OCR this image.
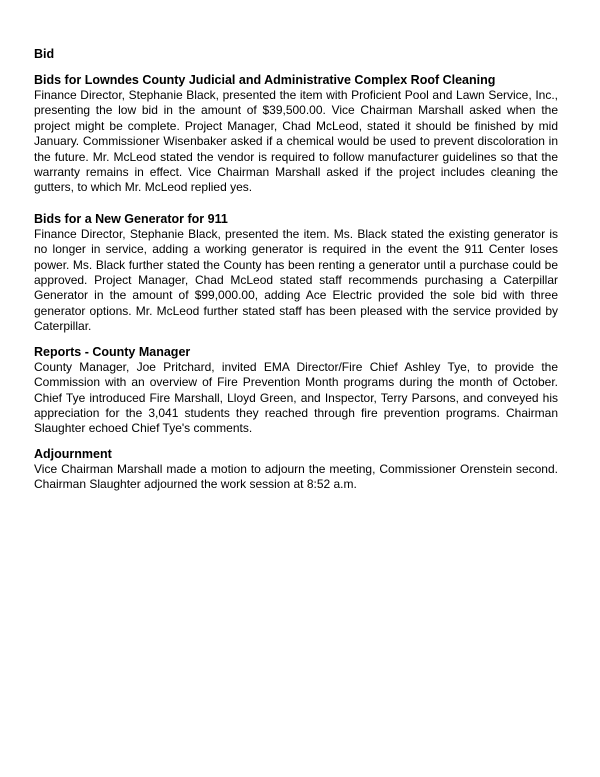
Bid

Bids for Lowndes County Judicial and Administrative Complex Roof Cleaning

Finance Director, Stephanie Black, presented the item with Proficient Pool and Lawn Service, Inc., presenting the low bid in the amount of $39,500.00. Vice Chairman Marshall asked when the project might be complete. Project Manager, Chad McLeod, stated it should be finished by mid January. Commissioner Wisenbaker asked if a chemical would be used to prevent discoloration in the future. Mr. McLeod stated the vendor is required to follow manufacturer guidelines so that the warranty remains in effect. Vice Chairman Marshall asked if the project includes cleaning the gutters, to which Mr. McLeod replied yes.

Bids for a New Generator for 911

Finance Director, Stephanie Black, presented the item. Ms. Black stated the existing generator is no longer in service, adding a working generator is required in the event the 911 Center loses power. Ms. Black further stated the County has been renting a generator until a purchase could be approved. Project Manager, Chad McLeod stated staff recommends purchasing a Caterpillar Generator in the amount of $99,000.00, adding Ace Electric provided the sole bid with three generator options. Mr. McLeod further stated staff has been pleased with the service provided by Caterpillar.

Reports - County Manager

County Manager, Joe Pritchard, invited EMA Director/Fire Chief Ashley Tye, to provide the Commission with an overview of Fire Prevention Month programs during the month of October. Chief Tye introduced Fire Marshall, Lloyd Green, and Inspector, Terry Parsons, and conveyed his appreciation for the 3,041 students they reached through fire prevention programs. Chairman Slaughter echoed Chief Tye's comments.

Adjournment

Vice Chairman Marshall made a motion to adjourn the meeting, Commissioner Orenstein second. Chairman Slaughter adjourned the work session at 8:52 a.m.
